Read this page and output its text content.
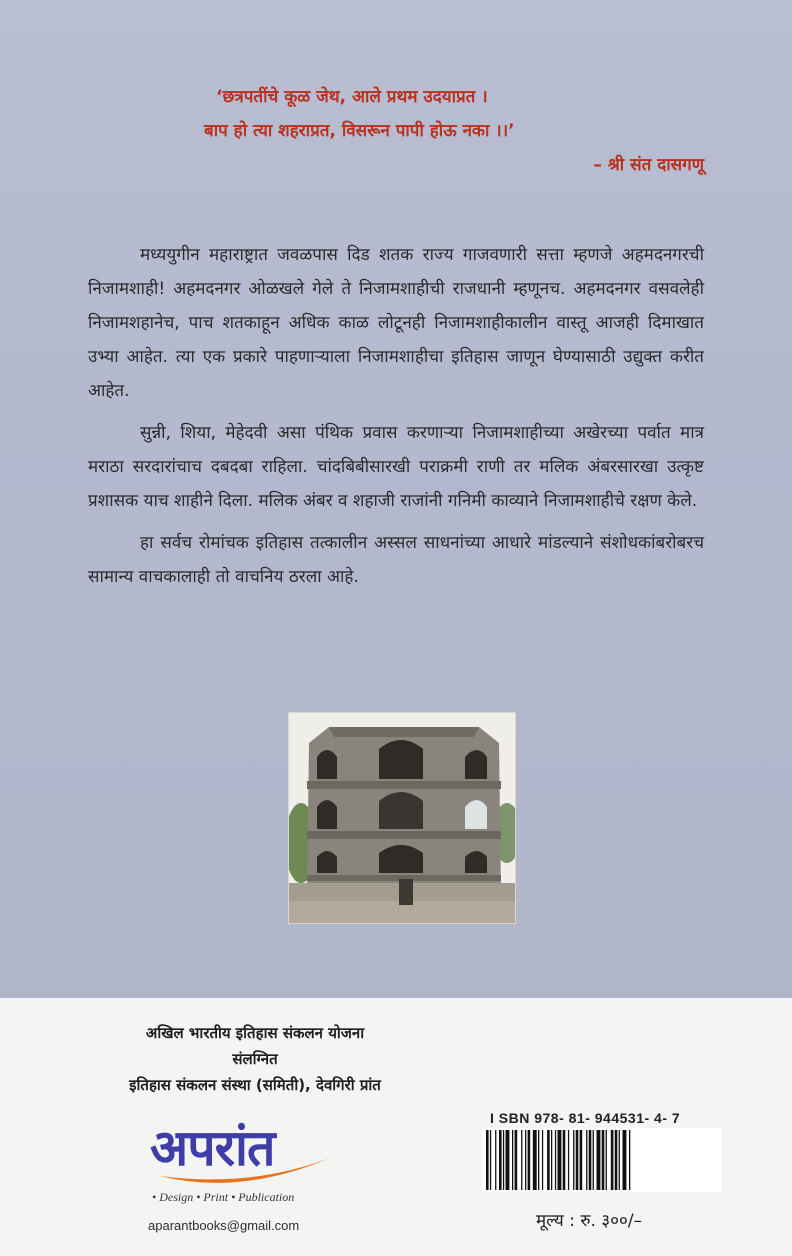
‘छत्रपतींचे कूळ जेथ, आले प्रथम उदयाप्रत ।
बाप हो त्या शहराप्रत, विसरून पापी होऊ नका ।।’
– श्री संत दासगणू

मध्ययुगीन महाराष्ट्रात जवळपास दिड शतक राज्य गाजवणारी सत्ता म्हणजे अहमदनगरची निजामशाही! अहमदनगर ओळखले गेले ते निजामशाहीची राजधानी म्हणूनच. अहमदनगर वसवलेही निजामशहानेच, पाच शतकाहून अधिक काळ लोटूनही निजामशाहीकालीन वास्तू आजही दिमाखात उभ्या आहेत. त्या एक प्रकारे पाहणाऱ्याला निजामशाहीचा इतिहास जाणून घेण्यासाठी उद्युक्त करीत आहेत.

सुन्नी, शिया, मेहेदवी असा पंथिक प्रवास करणाऱ्या निजामशाहीच्या अखेरच्या पर्वात मात्र मराठा सरदारांचाच दबदबा राहिला. चांदबिबीसारखी पराक्रमी राणी तर मलिक अंबरसारखा उत्कृष्ट प्रशासक याच शाहीने दिला. मलिक अंबर व शहाजी राजांनी गनिमी काव्याने निजामशाहीचे रक्षण केले.

हा सर्वच रोमांचक इतिहास तत्कालीन अस्सल साधनांच्या आधारे मांडल्याने संशोधकांबरोबरच सामान्य वाचकालाही तो वाचनिय ठरला आहे.

अखिल भारतीय इतिहास संकलन योजना
संलग्नित
इतिहास संकलन संस्था (समिती), देवगिरी प्रांत
अपरांत
• Design • Print • Publication
aparantbooks@gmail.com
I SBN 978- 81- 944531- 4- 7
मूल्य : रु. ३००/–
